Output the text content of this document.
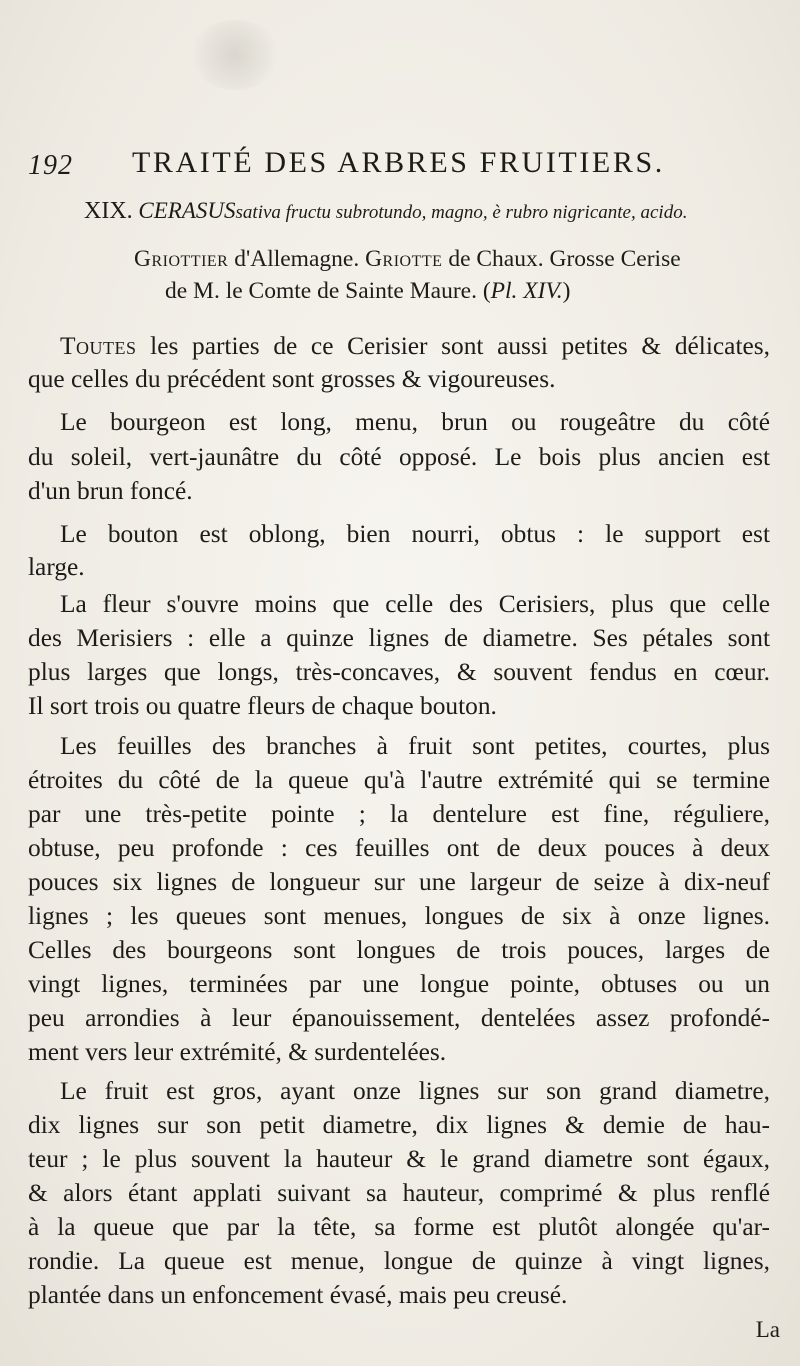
192 TRAITÉ DES ARBRES FRUITIERS.
XIX. CERASUSsativa fructu subrotundo, magno, è rubro nigricante, acido.
Griottier d'Allemagne. Griotte de Chaux. Grosse Cerise
de M. le Comte de Sainte Maure. (Pl. XIV.)
Toutes les parties de ce Cerisier sont aussi petites & délicates,
que celles du précédent sont grosses & vigoureuses.
Le bourgeon est long, menu, brun ou rougeâtre du côté
du soleil, vert-jaunâtre du côté opposé. Le bois plus ancien est
d'un brun foncé.
Le bouton est oblong, bien nourri, obtus : le support est
large.
La fleur s'ouvre moins que celle des Cerisiers, plus que celle
des Merisiers : elle a quinze lignes de diametre. Ses pétales sont
plus larges que longs, très-concaves, & souvent fendus en cœur.
Il sort trois ou quatre fleurs de chaque bouton.
Les feuilles des branches à fruit sont petites, courtes, plus
étroites du côté de la queue qu'à l'autre extrémité qui se termine
par une très-petite pointe ; la dentelure est fine, réguliere,
obtuse, peu profonde : ces feuilles ont de deux pouces à deux
pouces six lignes de longueur sur une largeur de seize à dix-neuf
lignes ; les queues sont menues, longues de six à onze lignes.
Celles des bourgeons sont longues de trois pouces, larges de
vingt lignes, terminées par une longue pointe, obtuses ou un
peu arrondies à leur épanouissement, dentelées assez profondé-
ment vers leur extrémité, & surdentelées.
Le fruit est gros, ayant onze lignes sur son grand diametre,
dix lignes sur son petit diametre, dix lignes & demie de hau-
teur ; le plus souvent la hauteur & le grand diametre sont égaux,
& alors étant applati suivant sa hauteur, comprimé & plus renflé
à la queue que par la tête, sa forme est plutôt alongée qu'ar-
rondie. La queue est menue, longue de quinze à vingt lignes,
plantée dans un enfoncement évasé, mais peu creusé.
La
